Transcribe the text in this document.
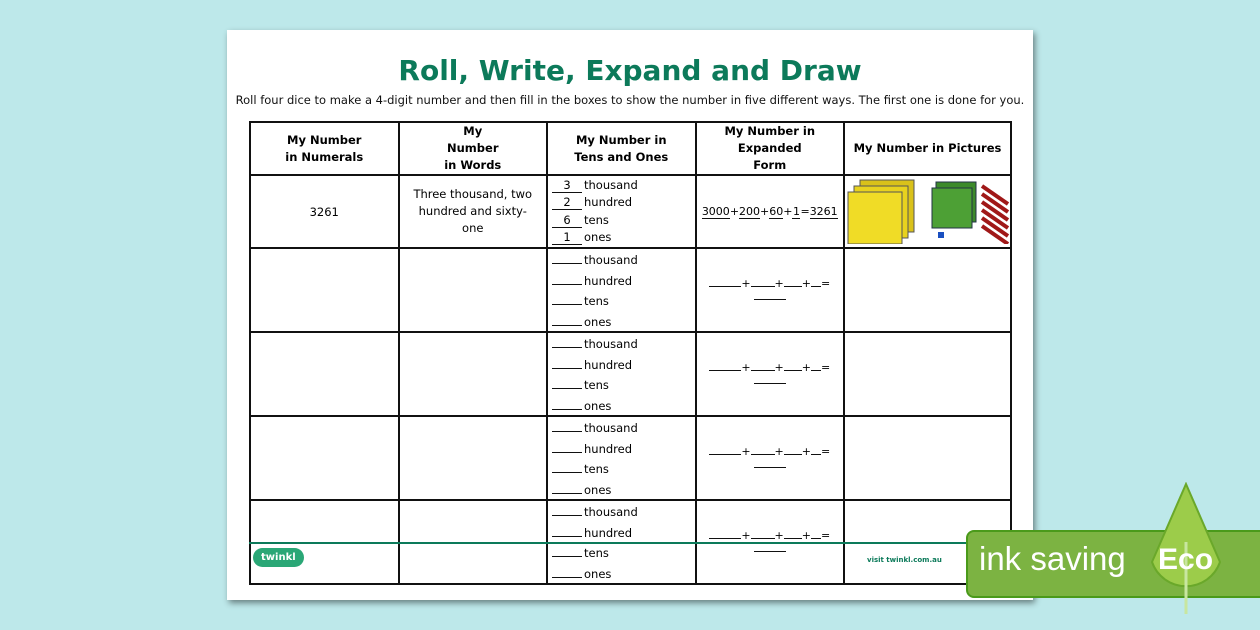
Roll, Write, Expand and Draw
Roll four dice to make a 4-digit number and then fill in the boxes to show the number in five different ways. The first one is done for you.
My Number in Numerals	My Number in Words	My Number in Tens and Ones	My Number in Expanded Form	My Number in Pictures
3261	Three thousand, two hundred and sixty-one	3 thousand
2 hundred
6 tens
1 ones	3000+200+60+1=3261	

		thousand
hundred
tens
ones	+ + + =	

		thousand
hundred
tens
ones	+ + + =	

		thousand
hundred
tens
ones	+ + + =	

		thousand
hundred
tens
ones	+ + + =	
twinkl	visit twinkl.com.au ink saving Eco
